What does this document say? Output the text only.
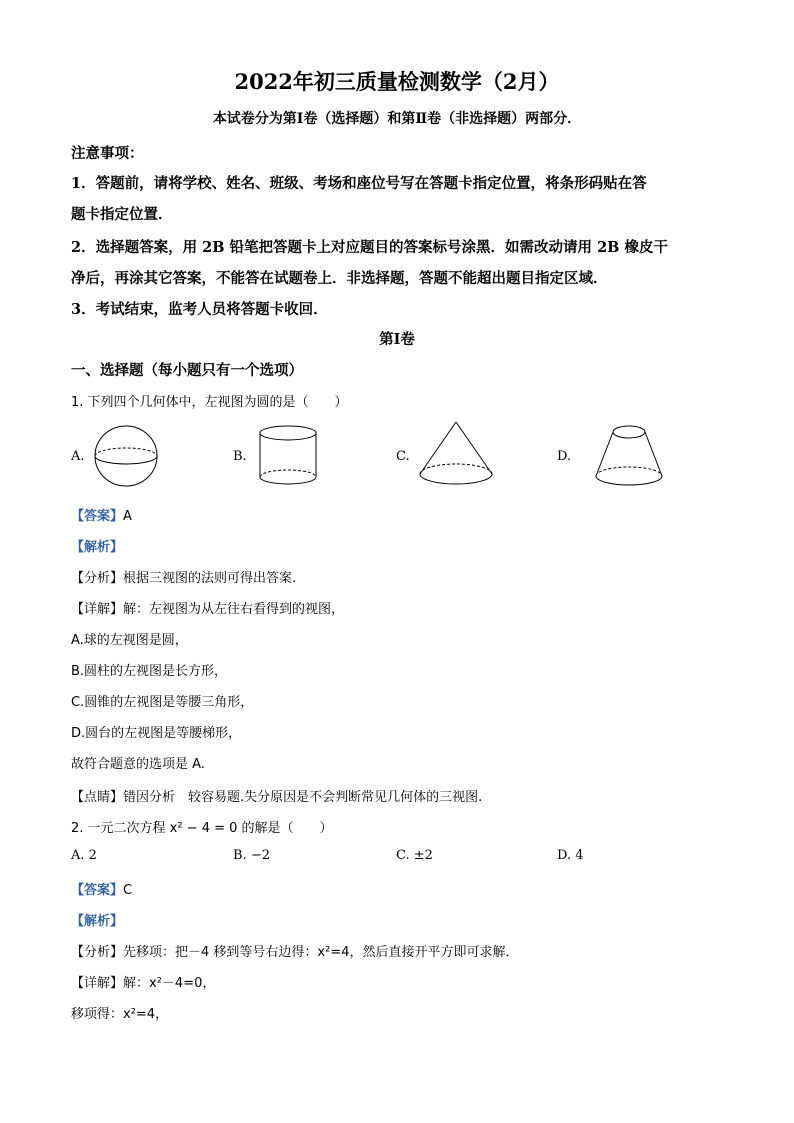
2022年初三质量检测数学（2月）
本试卷分为第Ⅰ卷（选择题）和第Ⅱ卷（非选择题）两部分．
注意事项：
1．答题前，请将学校、姓名、班级、考场和座位号写在答题卡指定位置，将条形码贴在答
题卡指定位置．
2．选择题答案，用 2B 铅笔把答题卡上对应题目的答案标号涂黑．如需改动请用 2B 橡皮干
净后，再涂其它答案，不能答在试题卷上．非选择题，答题不能超出题目指定区域．
3．考试结束，监考人员将答题卡收回．
第Ⅰ卷
一、选择题（每小题只有一个选项）
1. 下列四个几何体中，左视图为圆的是（　　）
A.	B.	C.	D.
【答案】A
【解析】
【分析】根据三视图的法则可得出答案.
【详解】解：左视图为从左往右看得到的视图，
A.球的左视图是圆，
B.圆柱的左视图是长方形，
C.圆锥的左视图是等腰三角形，
D.圆台的左视图是等腰梯形，
故符合题意的选项是 A.
【点睛】错因分析　较容易题.失分原因是不会判断常见几何体的三视图.
2. 一元二次方程 x² − 4 = 0 的解是（　　）
A. 2	B. −2	C. ±2	D. 4
【答案】C
【解析】
【分析】先移项：把－4 移到等号右边得：x²=4，然后直接开平方即可求解．
【详解】解：x²－4=0，
移项得：x²=4，
